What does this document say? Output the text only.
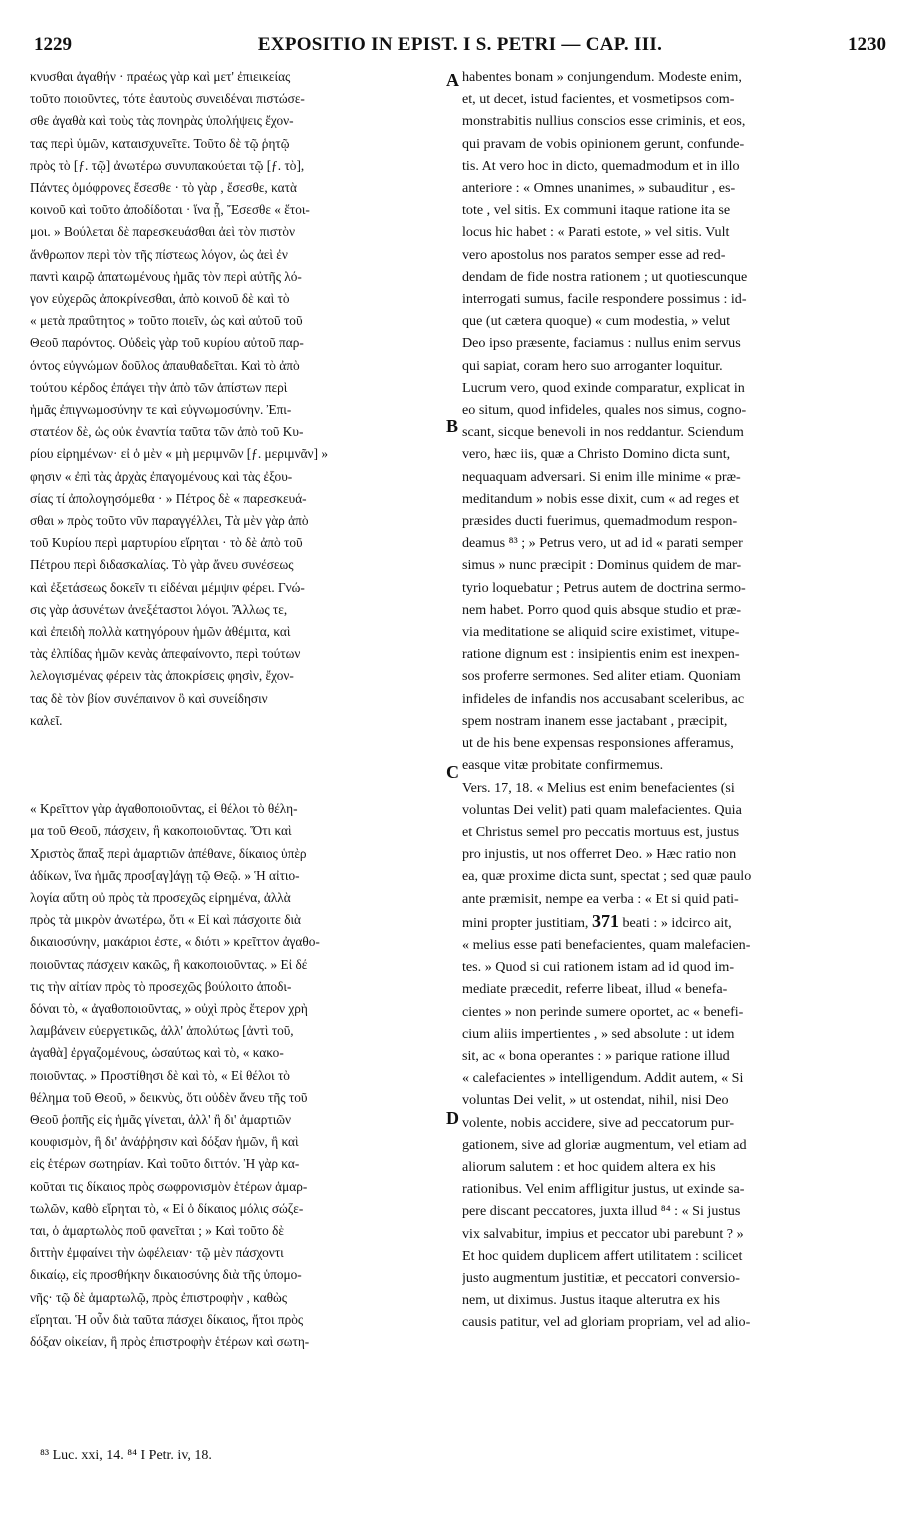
1229	EXPOSITIO IN EPIST. I S. PETRI — CAP. III.	1230
κνυσθαι ἀγαθήν · πραέως γὰρ καὶ μετ' ἐπιεικείας
τοῦτο ποιοῦντες, τότε ἑαυτοὺς συνειδέναι πιστώσε-
σθε ἀγαθὰ καὶ τοὺς τὰς πονηρὰς ὑπολήψεις ἔχον-
τας περὶ ὑμῶν, καταισχυνεῖτε. Τοῦτο δὲ τῷ ῥητῷ
πρὸς τὸ [ƒ. τῷ] ἀνωτέρω συνυπακούεται τῷ [ƒ. τὸ],
Πάντες ὁμόφρονες ἔσεσθε · τὸ γὰρ , ἔσεσθε, κατὰ
κοινοῦ καὶ τοῦτο ἀποδίδοται · ἵνα ᾖ, Ἔσεσθε « ἕτοι-
μοι. » Βούλεται δὲ παρεσκευάσθαι ἀεὶ τὸν πιστὸν
ἄνθρωπον περὶ τὸν τῆς πίστεως λόγον, ὡς ἀεὶ ἐν
παντὶ καιρῷ ἀπατωμένους ἡμᾶς τὸν περὶ αὐτῆς λό-
γον εὐχερῶς ἀποκρίνεσθαι, ἀπὸ κοινοῦ δὲ καὶ τὸ
« μετὰ πραΰτητος » τοῦτο ποιεῖν, ὡς καὶ αὐτοῦ τοῦ
Θεοῦ παρόντος. Οὐδεὶς γὰρ τοῦ κυρίου αὐτοῦ παρ-
όντος εὐγνώμων δοῦλος ἀπαυθαδεῖται. Καὶ τὸ ἀπὸ
τούτου κέρδος ἐπάγει τὴν ἀπὸ τῶν ἀπίστων περὶ
ἡμᾶς ἐπιγνωμοσύνην τε καὶ εὐγνωμοσύνην. Ἐπι-
στατέον δὲ, ὡς οὐκ ἐναντία ταῦτα τῶν ἀπὸ τοῦ Κυ-
ρίου εἰρημένων· εἰ ὁ μὲν « μὴ μεριμνῶν [ƒ. μεριμνᾶν] »
φησιν « ἐπὶ τὰς ἀρχὰς ἐπαγομένους καὶ τὰς ἐξου-
σίας τί ἀπολογησόμεθα · » Πέτρος δὲ « παρεσκευά-
σθαι » πρὸς τοῦτο νῦν παραγγέλλει, Τὰ μὲν γὰρ ἀπὸ
τοῦ Κυρίου περὶ μαρτυρίου εἴρηται · τὸ δὲ ἀπὸ τοῦ
Πέτρου περὶ διδασκαλίας. Τὸ γὰρ ἄνευ συνέσεως
καὶ ἐξετάσεως δοκεῖν τι εἰδέναι μέμψιν φέρει. Γνώ-
σις γὰρ ἀσυνέτων ἀνεξέταστοι λόγοι. Ἄλλως τε,
καὶ ἐπειδὴ πολλὰ κατηγόρουν ἡμῶν ἀθέμιτα, καὶ
τὰς ἐλπίδας ἡμῶν κενὰς ἀπεφαίνοντο, περὶ τούτων
λελογισμένας φέρειν τὰς ἀποκρίσεις φησὶν, ἔχον-
τας δὲ τὸν βίον συνέπαινον ὃ καὶ συνείδησιν
καλεῖ.
« Κρεῖττον γὰρ ἀγαθοποιοῦντας, εἰ θέλοι τὸ θέλη-
μα τοῦ Θεοῦ, πάσχειν, ἢ κακοποιοῦντας. Ὅτι καὶ
Χριστὸς ἅπαξ περὶ ἁμαρτιῶν ἀπέθανε, δίκαιος ὑπὲρ
ἀδίκων, ἵνα ἡμᾶς προσ[αγ]άγῃ τῷ Θεῷ. » Ἡ αἰτιο-
λογία αὕτη οὐ πρὸς τὰ προσεχῶς εἰρημένα, ἀλλὰ
πρὸς τὰ μικρὸν ἀνωτέρω, ὅτι « Εἰ καὶ πάσχοιτε διὰ
δικαιοσύνην, μακάριοι ἐστε, « διότι » κρεῖττον ἀγαθο-
ποιοῦντας πάσχειν κακῶς, ἢ κακοποιοῦντας. » Εἰ δέ
τις τὴν αἰτίαν πρὸς τὸ προσεχῶς βούλοιτο ἀποδι-
δόναι τὸ, « ἀγαθοποιοῦντας, » οὐχὶ πρὸς ἕτερον χρὴ
λαμβάνειν εὐεργετικῶς, ἀλλ' ἀπολύτως [ἀντὶ τοῦ,
ἀγαθὰ] ἐργαζομένους, ὡσαύτως καὶ τὸ, « κακο-
ποιοῦντας. » Προστίθησι δὲ καὶ τὸ, « Εἰ θέλοι τὸ
θέλημα τοῦ Θεοῦ, » δεικνὺς, ὅτι οὐδὲν ἄνευ τῆς τοῦ
Θεοῦ ῥοπῆς εἰς ἡμᾶς γίνεται, ἀλλ' ἢ δι' ἁμαρτιῶν
κουφισμὸν, ἢ δι' ἀνάῤῥησιν καὶ δόξαν ἡμῶν, ἢ καὶ
εἰς ἑτέρων σωτηρίαν. Καὶ τοῦτο διττόν. Ἡ γὰρ κα-
κοῦται τις δίκαιος πρὸς σωφρονισμὸν ἑτέρων ἁμαρ-
τωλῶν, καθὸ εἴρηται τὸ, « Εἰ ὁ δίκαιος μόλις σώζε-
ται, ὁ ἁμαρτωλὸς ποῦ φανεῖται ; » Καὶ τοῦτο δὲ
διττὴν ἐμφαίνει τὴν ὠφέλειαν· τῷ μὲν πάσχοντι
δικαίῳ, εἰς προσθήκην δικαιοσύνης διὰ τῆς ὑπομο-
νῆς· τῷ δὲ ἁμαρτωλῷ, πρὸς ἐπιστροφὴν , καθὼς
εἴρηται. Ἡ οὖν διὰ ταῦτα πάσχει δίκαιος, ἤτοι πρὸς
δόξαν οἰκείαν, ἢ πρὸς ἐπιστροφὴν ἑτέρων καὶ σωτη-
habentes bonam » conjungendum. Modeste enim,
et, ut decet, istud facientes, et vosmetipsos com-
monstrabitis nullius conscios esse criminis, et eos,
qui pravam de vobis opinionem gerunt, confunde-
tis. At vero hoc in dicto, quemadmodum et in illo
anteriore : « Omnes unanimes, » subauditur , es-
tote , vel sitis. Ex communi itaque ratione ita se
locus hic habet : « Parati estote, » vel sitis. Vult
vero apostolus nos paratos semper esse ad red-
dendam de fide nostra rationem ; ut quotiescunque
interrogati sumus, facile respondere possimus : id-
que (ut cætera quoque) « cum modestia, » velut
Deo ipso præsente, faciamus : nullus enim servus
qui sapiat, coram hero suo arroganter loquitur.
Lucrum vero, quod exinde comparatur, explicat in
eo situm, quod infideles, quales nos simus, cogno-
scant, sicque benevoli in nos reddantur. Sciendum
vero, hæc iis, quæ a Christo Domino dicta sunt,
nequaquam adversari. Si enim ille minime « præ-
meditandum » nobis esse dixit, cum « ad reges et
præsides ducti fuerimus, quemadmodum respon-
deamus ⁸³ ; » Petrus vero, ut ad id « parati semper
simus » nunc præcipit : Dominus quidem de mar-
tyrio loquebatur ; Petrus autem de doctrina sermo-
nem habet. Porro quod quis absque studio et præ-
via meditatione se aliquid scire existimet, vitupe-
ratione dignum est : insipientis enim est inexpen-
sos proferre sermones. Sed aliter etiam. Quoniam
infideles de infandis nos accusabant sceleribus, ac
spem nostram inanem esse jactabant , præcipit,
ut de his bene expensas responsiones afferamus,
easque vitæ probitate confirmemus.
Vers. 17, 18. « Melius est enim benefacientes (si
voluntas Dei velit) pati quam malefacientes. Quia
et Christus semel pro peccatis mortuus est, justus
pro injustis, ut nos offerret Deo. » Hæc ratio non
ea, quæ proxime dicta sunt, spectat ; sed quæ paulo
ante præmisit, nempe ea verba : « Et si quid pati-
mini propter justitiam, 371 beati : » idcirco ait,
« melius esse pati benefacientes, quam malefacien-
tes. » Quod si cui rationem istam ad id quod im-
mediate præcedit, referre libeat, illud « benefa-
cientes » non perinde sumere oportet, ac « benefi-
cium aliis impertientes , » sed absolute : ut idem
sit, ac « bona operantes : » parique ratione illud
« calefacientes » intelligendum. Addit autem, « Si
voluntas Dei velit, » ut ostendat, nihil, nisi Deo
volente, nobis accidere, sive ad peccatorum pur-
gationem, sive ad gloriæ augmentum, vel etiam ad
aliorum salutem : et hoc quidem altera ex his
rationibus. Vel enim affligitur justus, ut exinde sa-
pere discant peccatores, juxta illud ⁸⁴ : « Si justus
vix salvabitur, impius et peccator ubi parebunt ? »
Et hoc quidem duplicem affert utilitatem : scilicet
justo augmentum justitiæ, et peccatori conversio-
nem, ut diximus. Justus itaque alterutra ex his
causis patitur, vel ad gloriam propriam, vel ad alio-
A
B
C
D
⁸³ Luc. xxi, 14. ⁸⁴ I Petr. iv, 18.
